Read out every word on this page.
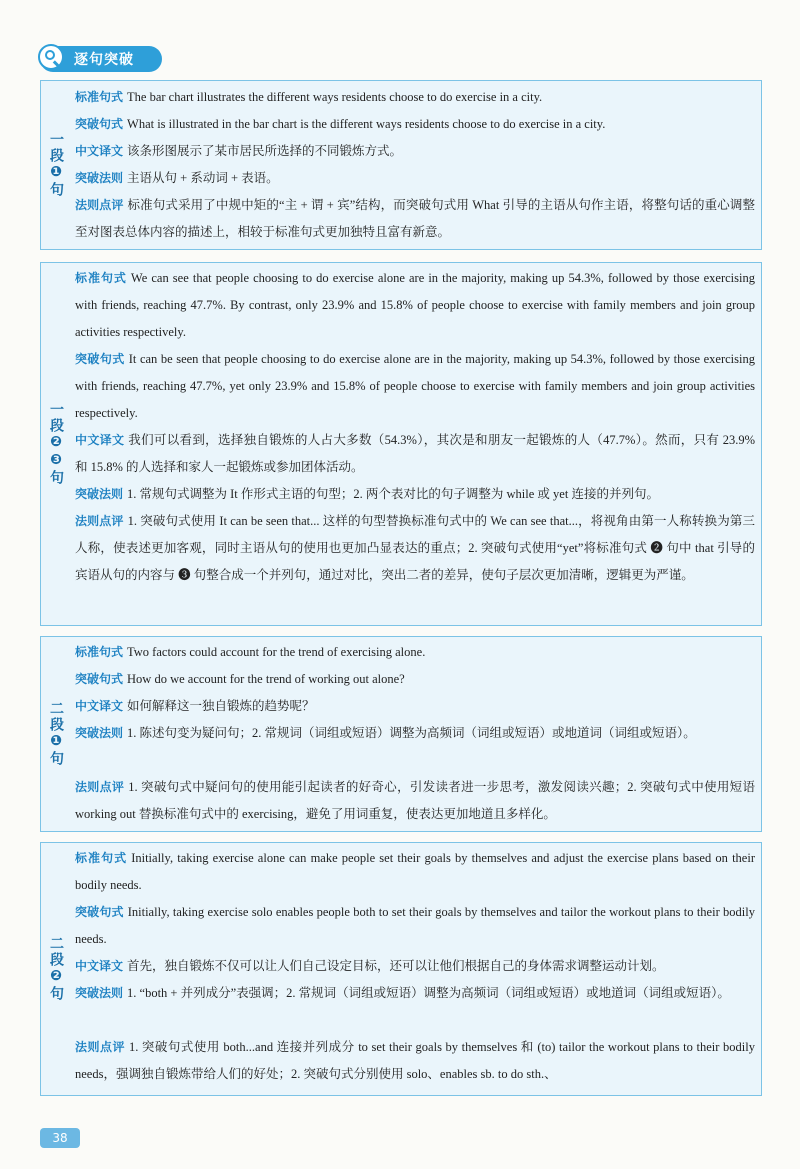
逐句突破
一段❶句
标准句式 The bar chart illustrates the different ways residents choose to do exercise in a city.
突破句式 What is illustrated in the bar chart is the different ways residents choose to do exercise in a city.
中文译文 该条形图展示了某市居民所选择的不同锻炼方式。
突破法则 主语从句 + 系动词 + 表语。
法则点评 标准句式采用了中规中矩的“主 + 谓 + 宾”结构，而突破句式用 What 引导的主语从句作主语，将整句话的重心调整至对图表总体内容的描述上，相较于标准句式更加独特且富有新意。
一段❷❸句
标准句式 We can see that people choosing to do exercise alone are in the majority, making up 54.3%, followed by those exercising with friends, reaching 47.7%. By contrast, only 23.9% and 15.8% of people choose to exercise with family members and join group activities respectively.
突破句式 It can be seen that people choosing to do exercise alone are in the majority, making up 54.3%, followed by those exercising with friends, reaching 47.7%, yet only 23.9% and 15.8% of people choose to exercise with family members and join group activities respectively.
中文译文 我们可以看到，选择独自锻炼的人占大多数（54.3%），其次是和朋友一起锻炼的人（47.7%）。然而，只有 23.9% 和 15.8% 的人选择和家人一起锻炼或参加团体活动。
突破法则 1. 常规句式调整为 It 作形式主语的句型；2. 两个表对比的句子调整为 while 或 yet 连接的并列句。
法则点评 1. 突破句式使用 It can be seen that... 这样的句型替换标准句式中的 We can see that...，将视角由第一人称转换为第三人称，使表述更加客观，同时主语从句的使用也更加凸显表达的重点；2. 突破句式使用“yet”将标准句式 ❷ 句中 that 引导的宾语从句的内容与 ❸ 句整合成一个并列句，通过对比，突出二者的差异，使句子层次更加清晰，逻辑更为严谨。
二段❶句
标准句式 Two factors could account for the trend of exercising alone.
突破句式 How do we account for the trend of working out alone?
中文译文 如何解释这一独自锻炼的趋势呢？
突破法则 1. 陈述句变为疑问句；2. 常规词（词组或短语）调整为高频词（词组或短语）或地道词（词组或短语）。
法则点评 1. 突破句式中疑问句的使用能引起读者的好奇心，引发读者进一步思考，激发阅读兴趣；2. 突破句式中使用短语 working out 替换标准句式中的 exercising，避免了用词重复，使表达更加地道且多样化。
二段❷句
标准句式 Initially, taking exercise alone can make people set their goals by themselves and adjust the exercise plans based on their bodily needs.
突破句式 Initially, taking exercise solo enables people both to set their goals by themselves and tailor the workout plans to their bodily needs.
中文译文 首先，独自锻炼不仅可以让人们自己设定目标，还可以让他们根据自己的身体需求调整运动计划。
突破法则 1. “both + 并列成分”表强调；2. 常规词（词组或短语）调整为高频词（词组或短语）或地道词（词组或短语）。
法则点评 1. 突破句式使用 both...and 连接并列成分 to set their goals by themselves 和 (to) tailor the workout plans to their bodily needs，强调独自锻炼带给人们的好处；2. 突破句式分别使用 solo、enables sb. to do sth.、
38
